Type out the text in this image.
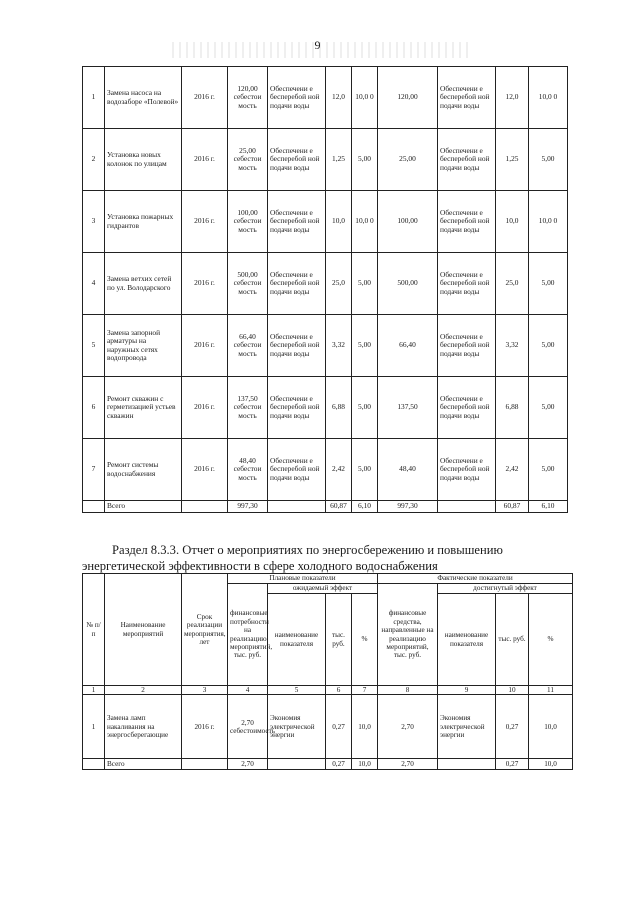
9
1	Замена насоса на водозаборе «Полевой»	2016 г.	120,00 себестои мость	Обеспечени е бесперебой ной подачи воды	12,0	10,0 0	120,00	Обеспечени е бесперебой ной подачи воды	12,0	10,0 0
2	Установка новых колонок по улицам	2016 г.	25,00 себестои мость	Обеспечени е бесперебой ной подачи воды	1,25	5,00	25,00	Обеспечени е бесперебой ной подачи воды	1,25	5,00
3	Установка пожарных гидрантов	2016 г.	100,00 себестои мость	Обеспечени е бесперебой ной подачи воды	10,0	10,0 0	100,00	Обеспечени е бесперебой ной подачи воды	10,0	10,0 0
4	Замена ветхих сетей по ул. Володарского	2016 г.	500,00 себестои мость	Обеспечени е бесперебой ной подачи воды	25,0	5,00	500,00	Обеспечени е бесперебой ной подачи воды	25,0	5,00
5	Замена запорной арматуры на наружных сетях водопровода	2016 г.	66,40 себестои мость	Обеспечени е бесперебой ной подачи воды	3,32	5,00	66,40	Обеспечени е бесперебой ной подачи воды	3,32	5,00
6	Ремонт скважин с герметизацией устьев скважин	2016 г.	137,50 себестои мость	Обеспечени е бесперебой ной подачи воды	6,88	5,00	137,50	Обеспечени е бесперебой ной подачи воды	6,88	5,00
7	Ремонт системы водоснабжения	2016 г.	48,40 себестои мость	Обеспечени е бесперебой ной подачи воды	2,42	5,00	48,40	Обеспечени е бесперебой ной подачи воды	2,42	5,00
	Всего		997,30		60,87	6,10	997,30		60,87	6,10
Раздел 8.3.3. Отчет о мероприятиях по энергосбережению и повышению
энергетической эффективности в сфере холодного водоснабжения
№ п/п	Наименование мероприятий	Срок реализации мероприятия, лет	Плановые показатели				Фактические показатели			
			финансовые потребности на реализацию мероприятий, тыс. руб.	ожидаемый эффект			финансовые средства, направленные на реализацию мероприятий, тыс. руб.	достигнутый эффект		
				наименование показателя	тыс. руб.	%		наименование показателя	тыс. руб.	%
1	2	3	4	5	6	7	8	9	10	11
1	Замена ламп накаливания на энергосберегающие	2016 г.	2,70 себестоимость	Экономия электрической энергии	0,27	10,0	2,70	Экономия электрической энергии	0,27	10,0
	Всего		2,70		0,27	10,0	2,70		0,27	10,0
